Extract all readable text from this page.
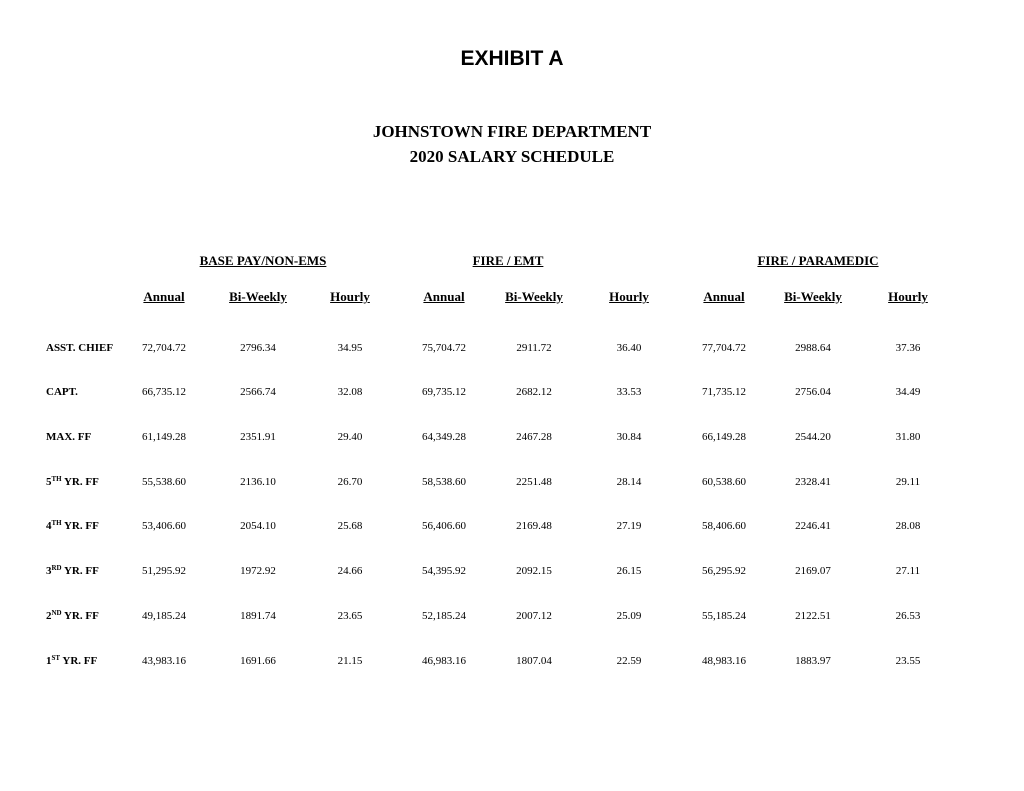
EXHIBIT A
JOHNSTOWN FIRE DEPARTMENT
2020 SALARY SCHEDULE
BASE PAY/NON-EMS	FIRE / EMT	FIRE / PARAMEDIC
Annual	Bi-Weekly	Hourly	Annual	Bi-Weekly	Hourly	Annual	Bi-Weekly	Hourly
ASST. CHIEF	72,704.72	2796.34	34.95	75,704.72	2911.72	36.40	77,704.72	2988.64	37.36
CAPT.	66,735.12	2566.74	32.08	69,735.12	2682.12	33.53	71,735.12	2756.04	34.49
MAX. FF	61,149.28	2351.91	29.40	64,349.28	2467.28	30.84	66,149.28	2544.20	31.80
5TH YR. FF	55,538.60	2136.10	26.70	58,538.60	2251.48	28.14	60,538.60	2328.41	29.11
4TH YR. FF	53,406.60	2054.10	25.68	56,406.60	2169.48	27.19	58,406.60	2246.41	28.08
3RD YR. FF	51,295.92	1972.92	24.66	54,395.92	2092.15	26.15	56,295.92	2169.07	27.11
2ND YR. FF	49,185.24	1891.74	23.65	52,185.24	2007.12	25.09	55,185.24	2122.51	26.53
1ST YR. FF	43,983.16	1691.66	21.15	46,983.16	1807.04	22.59	48,983.16	1883.97	23.55
